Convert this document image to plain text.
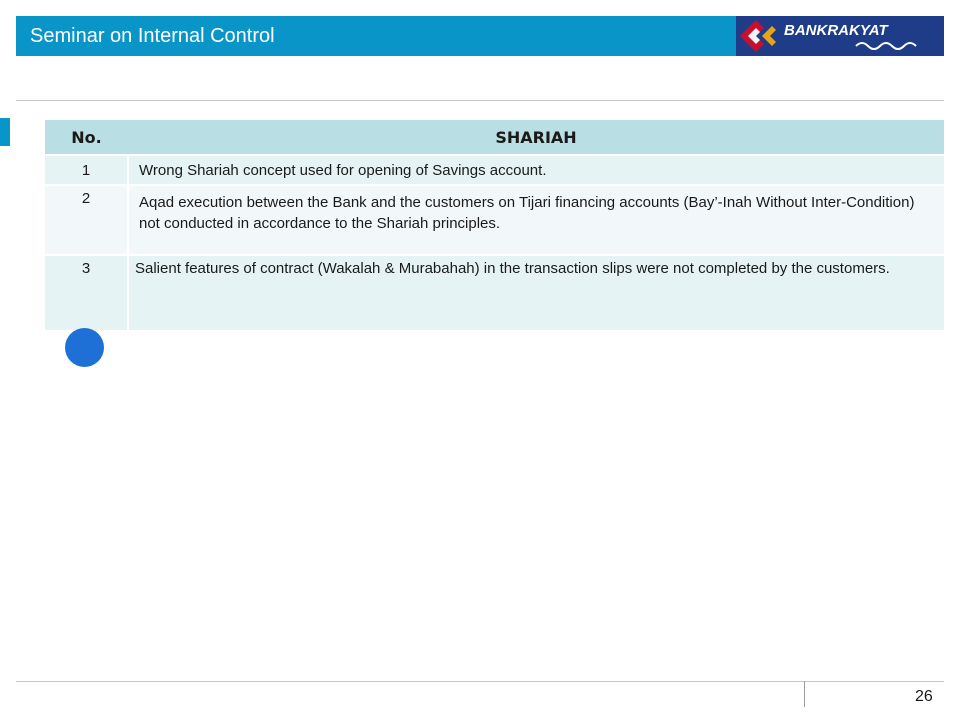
Seminar on Internal Control	BANKRAKYAT
No.	SHARIAH
1	Wrong Shariah concept used for opening of Savings account.
2	Aqad execution between the Bank and the customers on Tijari financing accounts (Bay’-Inah Without Inter-Condition) not conducted in accordance to the Shariah principles.
3	Salient features of contract (Wakalah & Murabahah) in the transaction slips were not completed by the customers.
26
